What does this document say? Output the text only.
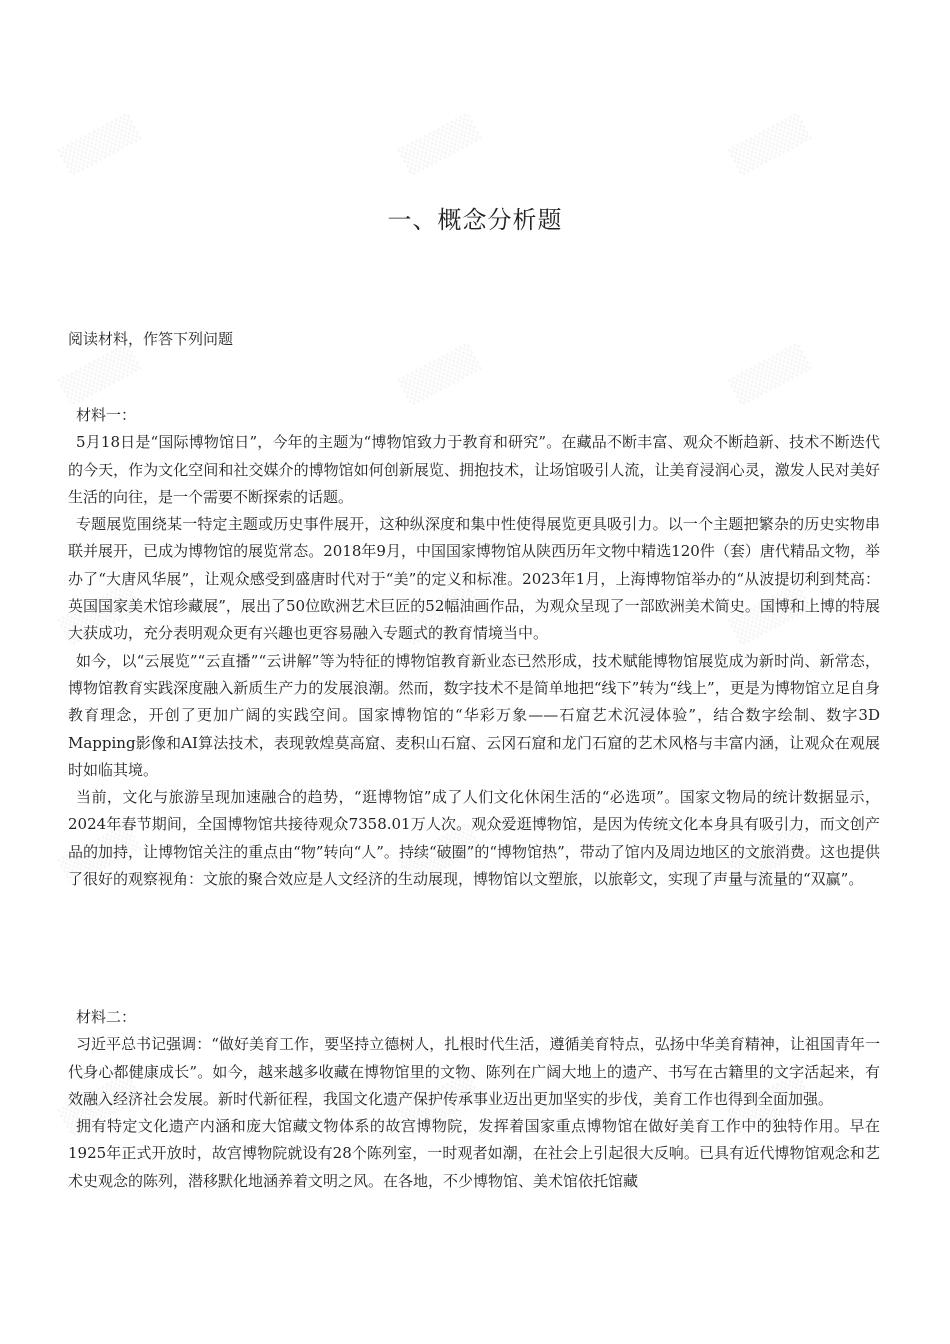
一、概念分析题
阅读材料，作答下列问题
材料一：

5月18日是“国际博物馆日”，今年的主题为“博物馆致力于教育和研究”。在藏品不断丰富、观众不断趋新、技术不断迭代的今天，作为文化空间和社交媒介的博物馆如何创新展览、拥抱技术，让场馆吸引人流，让美育浸润心灵，激发人民对美好生活的向往，是一个需要不断探索的话题。

专题展览围绕某一特定主题或历史事件展开，这种纵深度和集中性使得展览更具吸引力。以一个主题把繁杂的历史实物串联并展开，已成为博物馆的展览常态。2018年9月，中国国家博物馆从陕西历年文物中精选120件（套）唐代精品文物，举办了“大唐风华展”，让观众感受到盛唐时代对于“美”的定义和标准。2023年1月，上海博物馆举办的“从波提切利到梵高：英国国家美术馆珍藏展”，展出了50位欧洲艺术巨匠的52幅油画作品，为观众呈现了一部欧洲美术简史。国博和上博的特展大获成功，充分表明观众更有兴趣也更容易融入专题式的教育情境当中。

如今，以“云展览”“云直播”“云讲解”等为特征的博物馆教育新业态已然形成，技术赋能博物馆展览成为新时尚、新常态，博物馆教育实践深度融入新质生产力的发展浪潮。然而，数字技术不是简单地把“线下”转为“线上”，更是为博物馆立足自身教育理念，开创了更加广阔的实践空间。国家博物馆的“华彩万象——石窟艺术沉浸体验”，结合数字绘制、数字3D Mapping影像和AI算法技术，表现敦煌莫高窟、麦积山石窟、云冈石窟和龙门石窟的艺术风格与丰富内涵，让观众在观展时如临其境。

当前，文化与旅游呈现加速融合的趋势，“逛博物馆”成了人们文化休闲生活的“必选项”。国家文物局的统计数据显示，2024年春节期间，全国博物馆共接待观众7358.01万人次。观众爱逛博物馆，是因为传统文化本身具有吸引力，而文创产品的加持，让博物馆关注的重点由“物”转向“人”。持续“破圈”的“博物馆热”，带动了馆内及周边地区的文旅消费。这也提供了很好的观察视角：文旅的聚合效应是人文经济的生动展现，博物馆以文塑旅，以旅彰文，实现了声量与流量的“双赢”。

材料二：

习近平总书记强调：“做好美育工作，要坚持立德树人，扎根时代生活，遵循美育特点，弘扬中华美育精神，让祖国青年一代身心都健康成长”。如今，越来越多收藏在博物馆里的文物、陈列在广阔大地上的遗产、书写在古籍里的文字活起来，有效融入经济社会发展。新时代新征程，我国文化遗产保护传承事业迈出更加坚实的步伐，美育工作也得到全面加强。

拥有特定文化遗产内涵和庞大馆藏文物体系的故宫博物院，发挥着国家重点博物馆在做好美育工作中的独特作用。早在1925年正式开放时，故宫博物院就设有28个陈列室，一时观者如潮，在社会上引起很大反响。已具有近代博物馆观念和艺术史观念的陈列，潜移默化地涵养着文明之风。在各地，不少博物馆、美术馆依托馆藏
